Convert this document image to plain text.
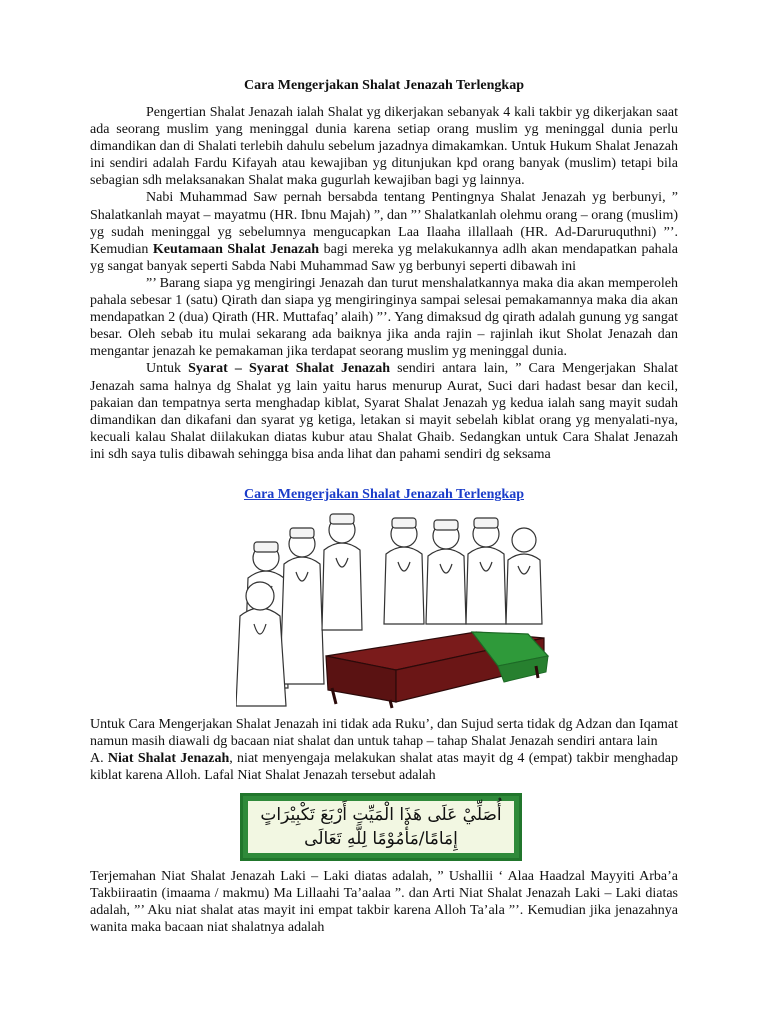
Cara Mengerjakan Shalat Jenazah Terlengkap

Pengertian Shalat Jenazah ialah Shalat yg dikerjakan sebanyak 4 kali takbir yg dikerjakan saat ada seorang muslim yang meninggal dunia karena setiap orang muslim yg meninggal dunia perlu dimandikan dan di Shalati terlebih dahulu sebelum jazadnya dimakamkan. Untuk Hukum Shalat Jenazah ini sendiri adalah Fardu Kifayah atau kewajiban yg ditunjukan kpd orang banyak (muslim) tetapi bila sebagian sdh melaksanakan Shalat maka gugurlah kewajiban bagi yg lainnya.

Nabi Muhammad Saw pernah bersabda tentang Pentingnya Shalat Jenazah yg berbunyi, ” Shalatkanlah mayat – mayatmu (HR. Ibnu Majah) ”, dan ”’ Shalatkanlah olehmu orang – orang (muslim) yg sudah meninggal yg sebelumnya mengucapkan Laa Ilaaha illallaah (HR. Ad-Daruruquthni) ”’. Kemudian Keutamaan Shalat Jenazah bagi mereka yg melakukannya adlh akan mendapatkan pahala yg sangat banyak seperti Sabda Nabi Muhammad Saw yg berbunyi seperti dibawah ini

”’ Barang siapa yg mengiringi Jenazah dan turut menshalatkannya maka dia akan memperoleh pahala sebesar 1 (satu) Qirath dan siapa yg mengiringinya sampai selesai pemakamannya maka dia akan mendapatkan 2 (dua) Qirath (HR. Muttafaq’ alaih) ”’. Yang dimaksud dg qirath adalah gunung yg sangat besar. Oleh sebab itu mulai sekarang ada baiknya jika anda rajin – rajinlah ikut Sholat Jenazah dan mengantar jenazah ke pemakaman jika terdapat seorang muslim yg meninggal dunia.

Untuk Syarat – Syarat Shalat Jenazah sendiri antara lain, ” Cara Mengerjakan Shalat Jenazah sama halnya dg Shalat yg lain yaitu harus menurup Aurat, Suci dari hadast besar dan kecil, pakaian dan tempatnya serta menghadap kiblat, Syarat Shalat Jenazah yg kedua ialah sang mayit sudah dimandikan dan dikafani dan syarat yg ketiga, letakan si mayit sebelah kiblat orang yg menyalati-nya, kecuali kalau Shalat diilakukan diatas kubur atau Shalat Ghaib. Sedangkan untuk Cara Shalat Jenazah ini sdh saya tulis dibawah sehingga bisa anda lihat dan pahami sendiri dg seksama

Cara Mengerjakan Shalat Jenazah Terlengkap

Untuk Cara Mengerjakan Shalat Jenazah ini tidak ada Ruku’, dan Sujud serta tidak dg Adzan dan Iqamat namun masih diawali dg bacaan niat shalat dan untuk tahap – tahap Shalat Jenazah sendiri antara lain

A. Niat Shalat Jenazah, niat menyengaja melakukan shalat atas mayit dg 4 (empat) takbir menghadap kiblat karena Alloh. Lafal Niat Shalat Jenazah tersebut adalah

أُصَلِّيْ عَلَى هَذَا الْمَيِّتِ أَرْبَعَ تَكْبِيْرَاتٍ
إِمَامًا/مَأْمُوْمًا لِلَّهِ تَعَالَى

Terjemahan Niat Shalat Jenazah Laki – Laki diatas adalah, ” Ushallii ‘ Alaa Haadzal Mayyiti Arba’a Takbiiraatin (imaama / makmu) Ma Lillaahi Ta’aalaa ”. dan Arti Niat Shalat Jenazah Laki – Laki diatas adalah, ”’ Aku niat shalat atas mayit ini empat takbir karena Alloh Ta’ala ”’. Kemudian jika jenazahnya wanita maka bacaan niat shalatnya adalah
